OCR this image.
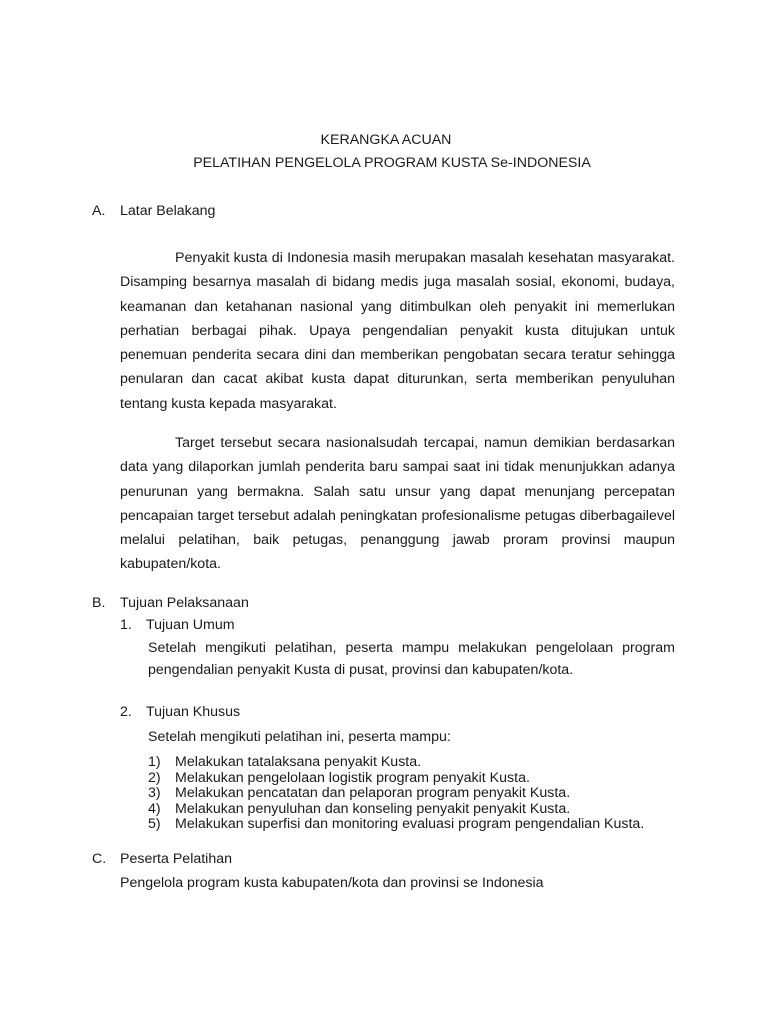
KERANGKA ACUAN
PELATIHAN PENGELOLA PROGRAM KUSTA Se-INDONESIA
A. Latar Belakang

Penyakit kusta di Indonesia masih merupakan masalah kesehatan masyarakat. Disamping besarnya masalah di bidang medis juga masalah sosial, ekonomi, budaya, keamanan dan ketahanan nasional yang ditimbulkan oleh penyakit ini memerlukan perhatian berbagai pihak. Upaya pengendalian penyakit kusta ditujukan untuk penemuan penderita secara dini dan memberikan pengobatan secara teratur sehingga penularan dan cacat akibat kusta dapat diturunkan, serta memberikan penyuluhan tentang kusta kepada masyarakat.

Target tersebut secara nasionalsudah tercapai, namun demikian berdasarkan data yang dilaporkan jumlah penderita baru sampai saat ini tidak menunjukkan adanya penurunan yang bermakna. Salah satu unsur yang dapat menunjang percepatan pencapaian target tersebut adalah peningkatan profesionalisme petugas diberbagailevel melalui pelatihan, baik petugas, penanggung jawab proram provinsi maupun kabupaten/kota.

B. Tujuan Pelaksanaan
1. Tujuan Umum

Setelah mengikuti pelatihan, peserta mampu melakukan pengelolaan program pengendalian penyakit Kusta di pusat, provinsi dan kabupaten/kota.

2. Tujuan Khusus

Setelah mengikuti pelatihan ini, peserta mampu:

1) Melakukan tatalaksana penyakit Kusta.
2) Melakukan pengelolaan logistik program penyakit Kusta.
3) Melakukan pencatatan dan pelaporan program penyakit Kusta.
4) Melakukan penyuluhan dan konseling penyakit penyakit Kusta.
5) Melakukan superfisi dan monitoring evaluasi program pengendalian Kusta.
C. Peserta Pelatihan
Pengelola program kusta kabupaten/kota dan provinsi se Indonesia
